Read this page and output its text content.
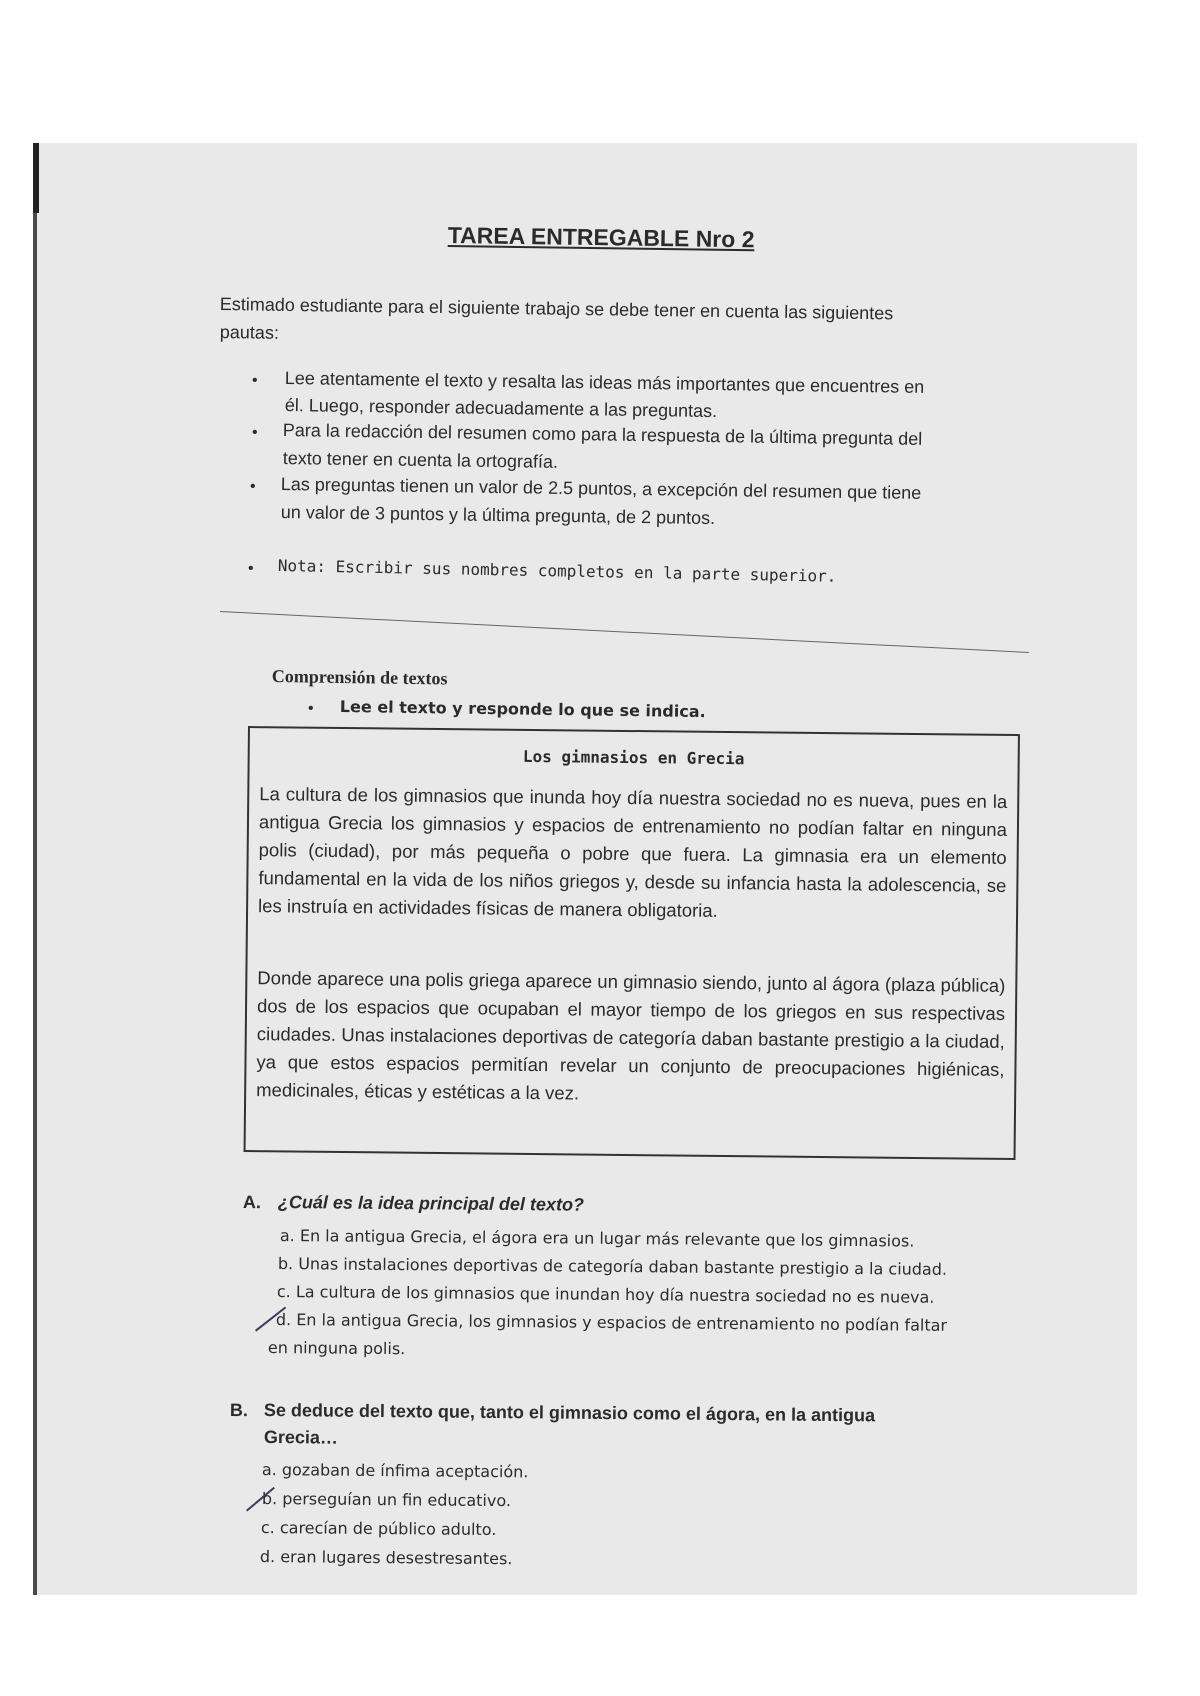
TAREA ENTREGABLE Nro 2
Estimado estudiante para el siguiente trabajo se debe tener en cuenta las siguientes
pautas:
• Lee atentamente el texto y resalta las ideas más importantes que encuentres en
él. Luego, responder adecuadamente a las preguntas.
• Para la redacción del resumen como para la respuesta de la última pregunta del
texto tener en cuenta la ortografía.
• Las preguntas tienen un valor de 2.5 puntos, a excepción del resumen que tiene
un valor de 3 puntos y la última pregunta, de 2 puntos.
• Nota: Escribir sus nombres completos en la parte superior.
Comprensión de textos
• Lee el texto y responde lo que se indica.
Los gimnasios en Grecia
La cultura de los gimnasios que inunda hoy día nuestra sociedad no es nueva, pues en la antigua Grecia los gimnasios y espacios de entrenamiento no podían faltar en ninguna polis (ciudad), por más pequeña o pobre que fuera. La gimnasia era un elemento fundamental en la vida de los niños griegos y, desde su infancia hasta la adolescencia, se les instruía en actividades físicas de manera obligatoria.
Donde aparece una polis griega aparece un gimnasio siendo, junto al ágora (plaza pública) dos de los espacios que ocupaban el mayor tiempo de los griegos en sus respectivas ciudades. Unas instalaciones deportivas de categoría daban bastante prestigio a la ciudad, ya que estos espacios permitían revelar un conjunto de preocupaciones higiénicas, medicinales, éticas y estéticas a la vez.
A. ¿Cuál es la idea principal del texto?
a. En la antigua Grecia, el ágora era un lugar más relevante que los gimnasios.
b. Unas instalaciones deportivas de categoría daban bastante prestigio a la ciudad.
c. La cultura de los gimnasios que inundan hoy día nuestra sociedad no es nueva.
d. En la antigua Grecia, los gimnasios y espacios de entrenamiento no podían faltar
en ninguna polis.
B. Se deduce del texto que, tanto el gimnasio como el ágora, en la antigua
Grecia…
a. gozaban de ínfima aceptación.
b. perseguían un fin educativo.
c. carecían de público adulto.
d. eran lugares desestresantes.
